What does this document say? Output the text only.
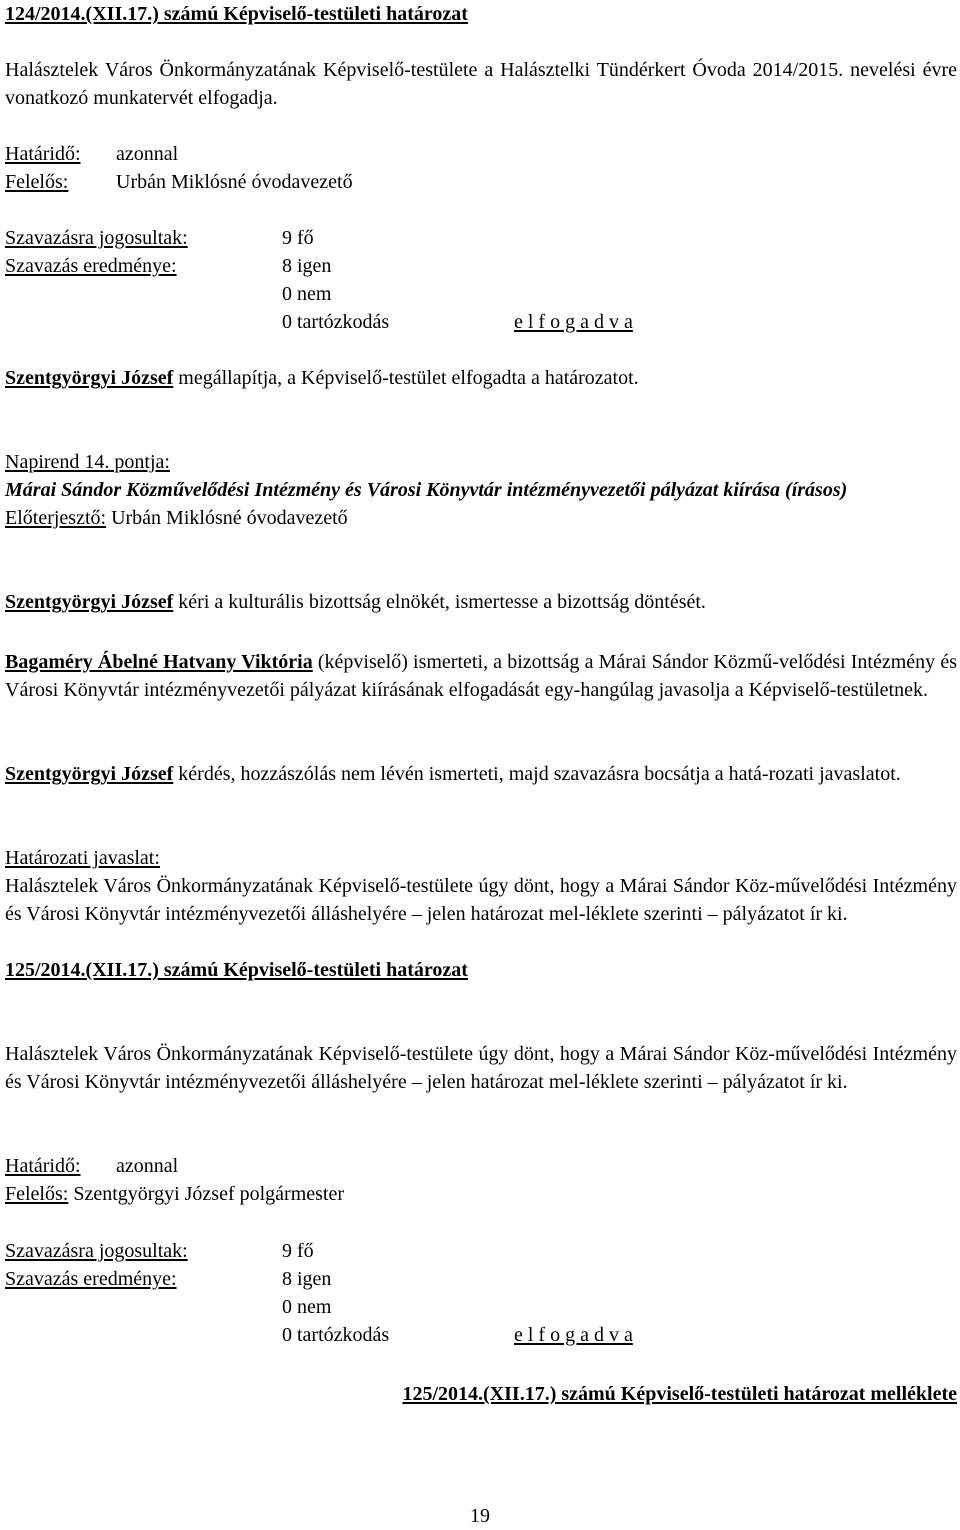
124/2014.(XII.17.) számú Képviselő-testületi határozat

Halásztelek Város Önkormányzatának Képviselő-testülete a Halásztelki Tündérkert Óvoda 2014/2015. nevelési évre vonatkozó munkatervét elfogadja.

Határidő: azonnal
Felelős: Urbán Miklósné óvodavezető
Szavazásra jogosultak:	9 fő
Szavazás eredménye:	8 igen
0 nem
0 tartózkodás	e l f o g a d v a

Szentgyörgyi József megállapítja, a Képviselő-testület elfogadta a határozatot.

Napirend 14. pontja:

Márai Sándor Közművelődési Intézmény és Városi Könyvtár intézményvezetői pályázat kiírása (írásos)

Előterjesztő: Urbán Miklósné óvodavezető

Szentgyörgyi József kéri a kulturális bizottság elnökét, ismertesse a bizottság döntését.

Bagaméry Ábelné Hatvany Viktória (képviselő) ismerteti, a bizottság a Márai Sándor Közmű-velődési Intézmény és Városi Könyvtár intézményvezetői pályázat kiírásának elfogadását egy-hangúlag javasolja a Képviselő-testületnek.

Szentgyörgyi József kérdés, hozzászólás nem lévén ismerteti, majd szavazásra bocsátja a hatá-rozati javaslatot.

Határozati javaslat:

Halásztelek Város Önkormányzatának Képviselő-testülete úgy dönt, hogy a Márai Sándor Köz-művelődési Intézmény és Városi Könyvtár intézményvezetői álláshelyére – jelen határozat mel-léklete szerinti – pályázatot ír ki.

125/2014.(XII.17.) számú Képviselő-testületi határozat

Halásztelek Város Önkormányzatának Képviselő-testülete úgy dönt, hogy a Márai Sándor Köz-művelődési Intézmény és Városi Könyvtár intézményvezetői álláshelyére – jelen határozat mel-léklete szerinti – pályázatot ír ki.

Határidő: azonnal
Felelős: Szentgyörgyi József polgármester
Szavazásra jogosultak:	9 fő
Szavazás eredménye:	8 igen
0 nem
0 tartózkodás	e l f o g a d v a

125/2014.(XII.17.) számú Képviselő-testületi határozat melléklete

19
